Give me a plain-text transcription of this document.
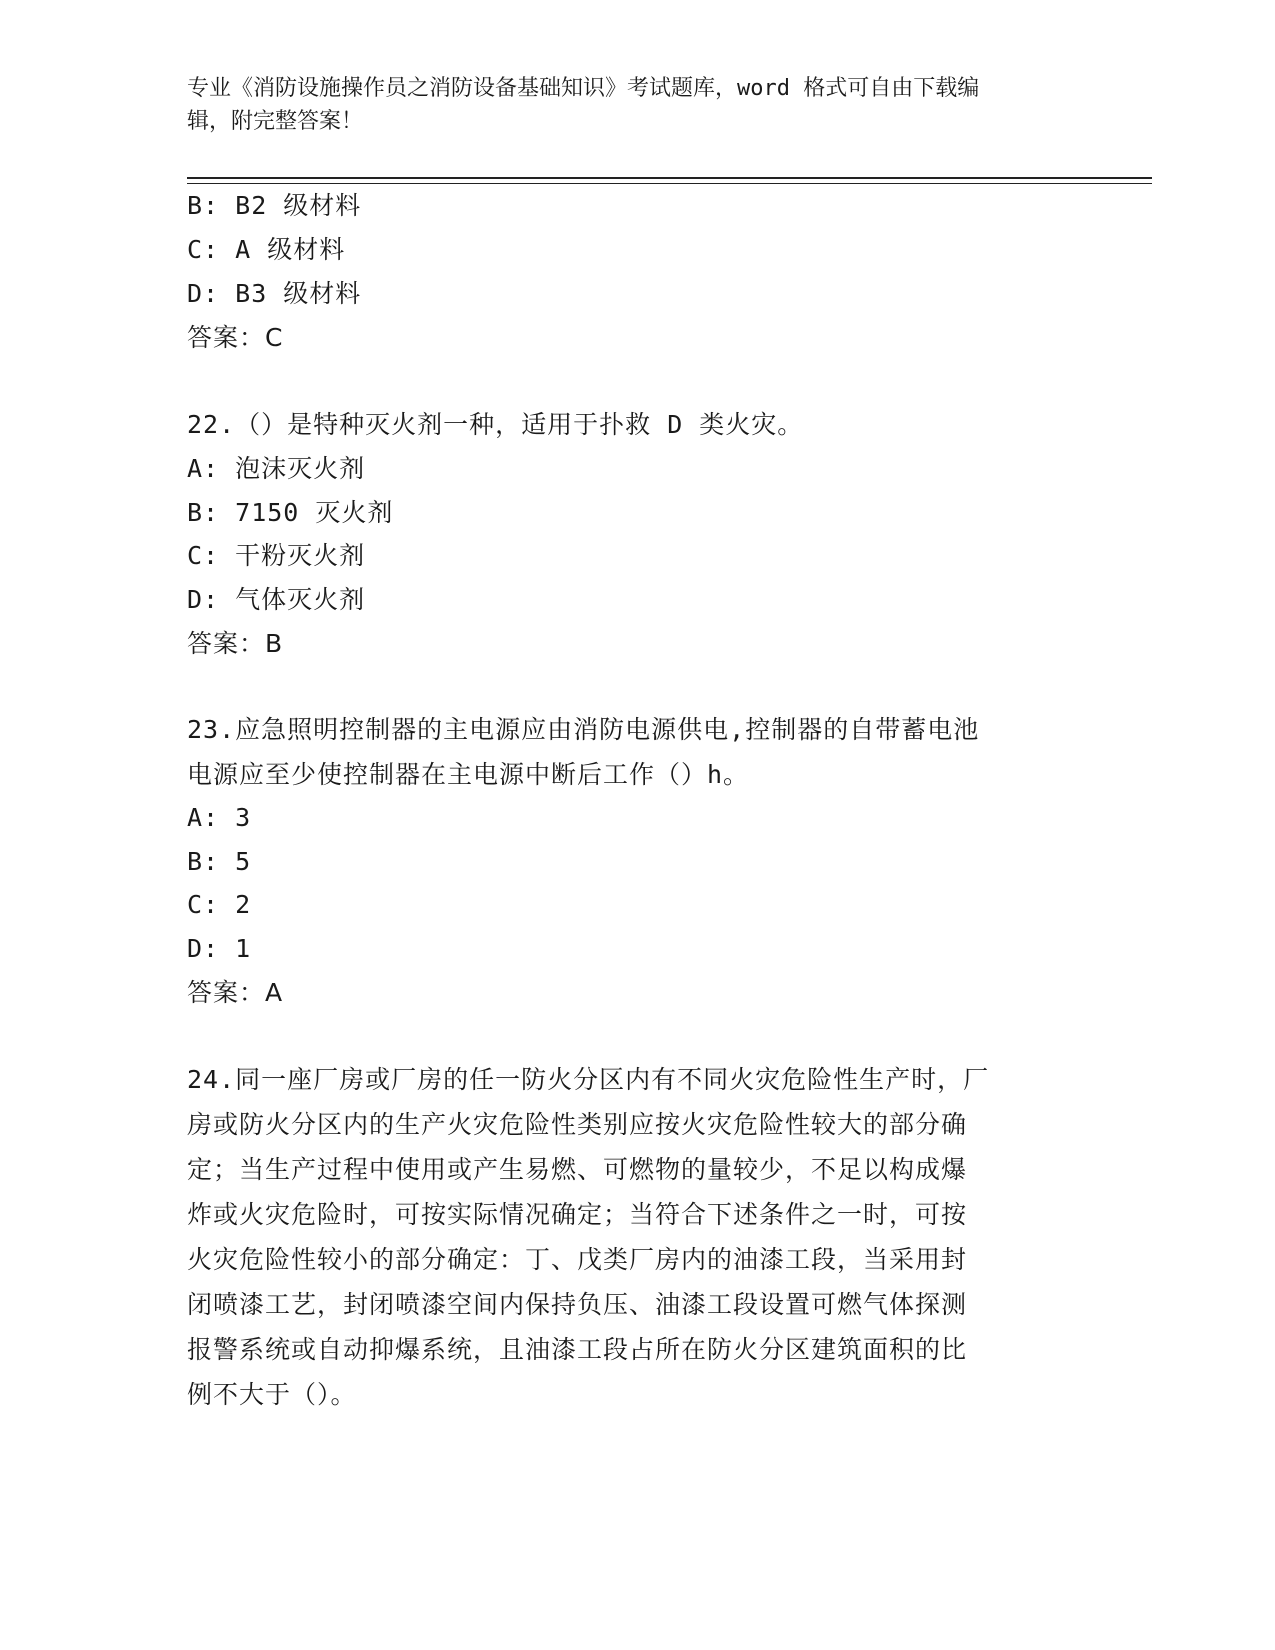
专业《消防设施操作员之消防设备基础知识》考试题库，word 格式可自由下载编
辑，附完整答案！
B: B2 级材料
C: A 级材料
D: B3 级材料
答案：C
22.（）是特种灭火剂一种，适用于扑救 D 类火灾。
A: 泡沫灭火剂
B: 7150 灭火剂
C: 干粉灭火剂
D: 气体灭火剂
答案：B
23.应急照明控制器的主电源应由消防电源供电,控制器的自带蓄电池
电源应至少使控制器在主电源中断后工作（）h。
A: 3
B: 5
C: 2
D: 1
答案：A
24.同一座厂房或厂房的任一防火分区内有不同火灾危险性生产时，厂
房或防火分区内的生产火灾危险性类别应按火灾危险性较大的部分确
定；当生产过程中使用或产生易燃、可燃物的量较少，不足以构成爆
炸或火灾危险时，可按实际情况确定；当符合下述条件之一时，可按
火灾危险性较小的部分确定：丁、戊类厂房内的油漆工段，当采用封
闭喷漆工艺，封闭喷漆空间内保持负压、油漆工段设置可燃气体探测
报警系统或自动抑爆系统，且油漆工段占所在防火分区建筑面积的比
例不大于（）。
